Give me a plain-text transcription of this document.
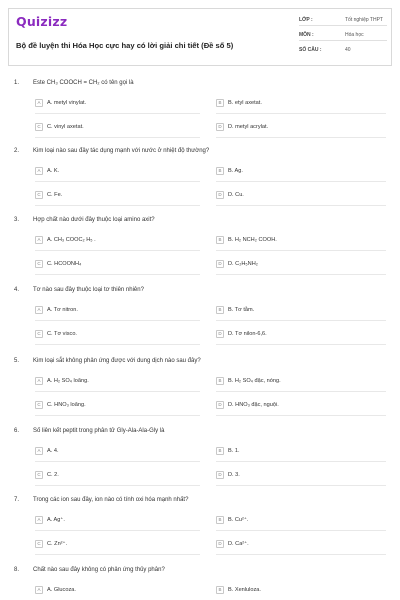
Quizizz
Bộ đề luyện thi Hóa Học cực hay có lời giải chi tiết (Đề số 5)
LỚP :	Tốt nghiệp THPT
MÔN :	Hóa học
SỐ CÂU :	40
1. Este CH₃ COOCH = CH₂ có tên gọi là
A A. metyl vinylat.	B B. etyl axetat.
C C. vinyl axetat.	D D. metyl acrylat.
2. Kim loại nào sau đây tác dụng mạnh với nước ở nhiệt độ thường?
A A. K.	B B. Ag.
C C. Fe.	D D. Cu.
3. Hợp chất nào dưới đây thuộc loại amino axit?
A A. CH₃ COOC₂ H₅ .	B B. H₂ NCH₂ COOH.
C C. HCOONH₄	D D. C₂H₅NH₂
4. Tơ nào sau đây thuộc loại tơ thiên nhiên?
A A. Tơ nitron.	B B. Tơ tằm.
C C. Tơ visco.	D D. Tơ nilon-6,6.
5. Kim loại sắt không phản ứng được với dung dịch nào sau đây?
A A. H₂ SO₄ loãng.	B B. H₂ SO₄ đặc, nóng.
C C. HNO₃ loãng.	D D. HNO₃ đặc, nguội.
6. Số liên kết peptit trong phân tử Gly-Ala-Ala-Gly là
A A. 4.	B B. 1.
C C. 2.	D D. 3.
7. Trong các ion sau đây, ion nào có tính oxi hóa mạnh nhất?
A A. Ag⁺.	B B. Cu²⁺.
C C. Zn²⁺.	D D. Ca²⁺.
8. Chất nào sau đây không có phản ứng thủy phân?
A A. Glucoza.	B B. Xenluloza.
